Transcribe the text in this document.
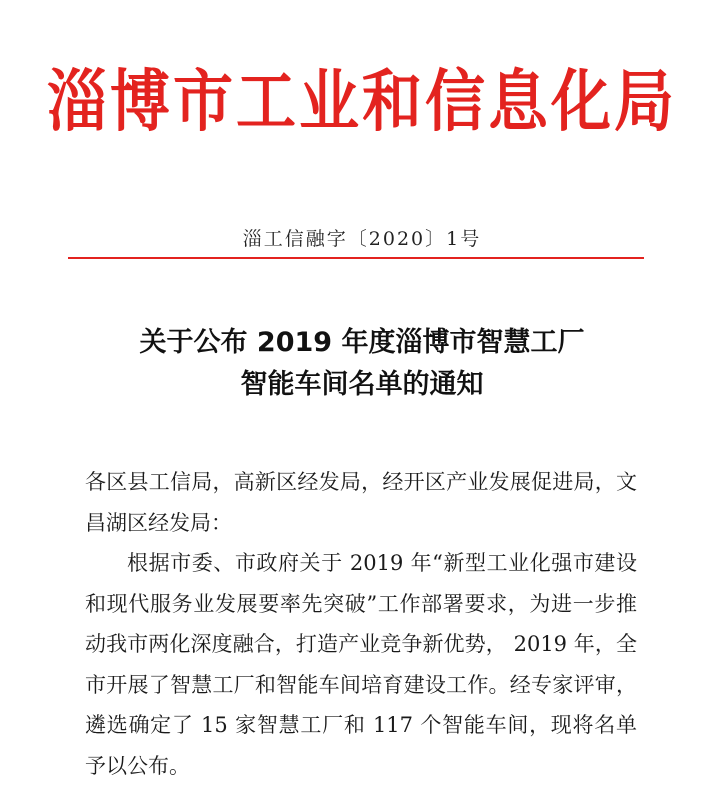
淄博市工业和信息化局
淄工信融字〔2020〕1号
关于公布 2019 年度淄博市智慧工厂
智能车间名单的通知

各区县工信局，高新区经发局，经开区产业发展促进局，文昌湖区经发局：

根据市委、市政府关于 2019 年“新型工业化强市建设和现代服务业发展要率先突破”工作部署要求，为进一步推动我市两化深度融合，打造产业竞争新优势， 2019 年，全市开展了智慧工厂和智能车间培育建设工作。经专家评审，遴选确定了 15 家智慧工厂和 117 个智能车间，现将名单予以公布。
